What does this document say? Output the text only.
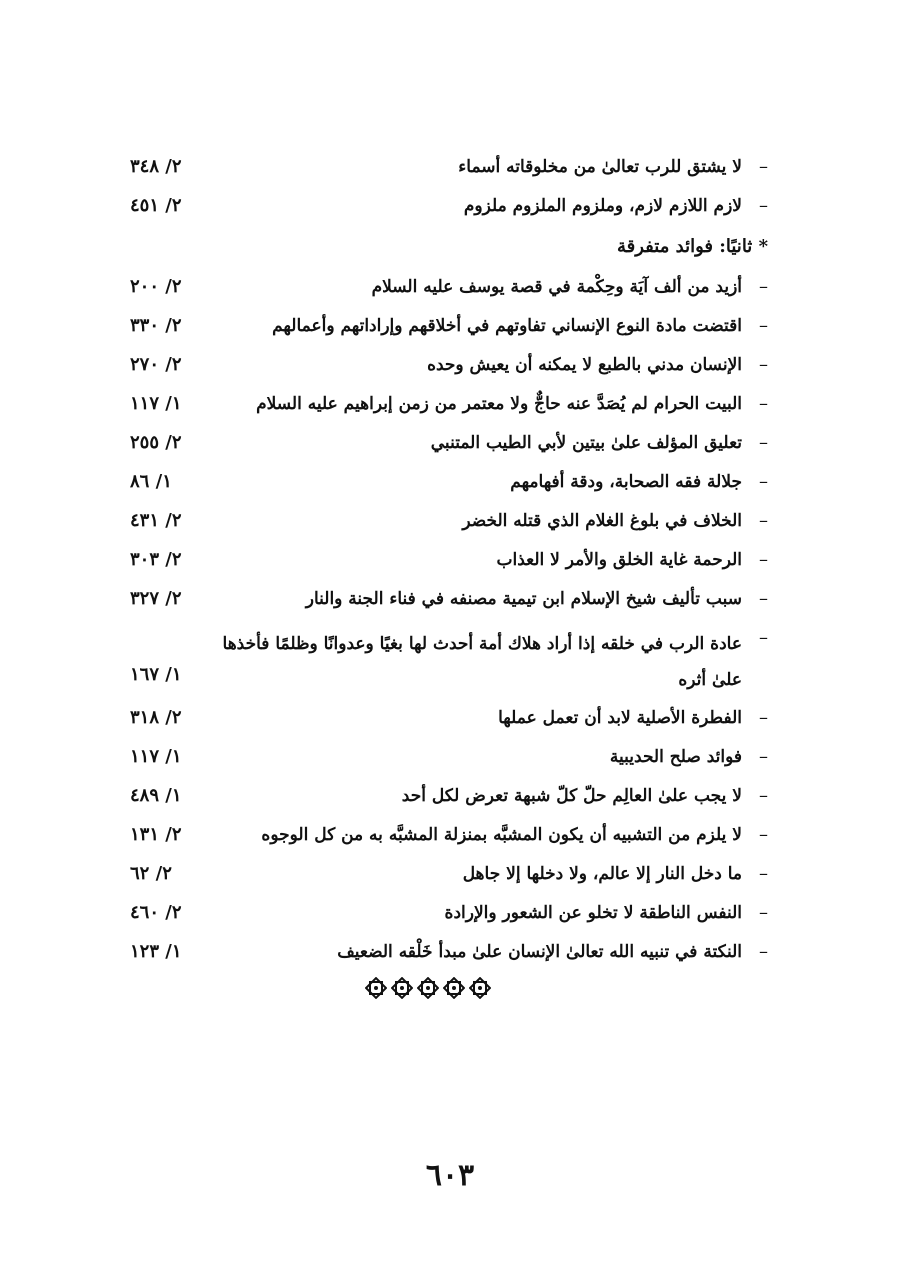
–
لا يشتق للرب تعالىٰ من مخلوقاته أسماء
٢/ ٣٤٨
–
لازم اللازم لازم، وملزوم الملزوم ملزوم
٢/ ٤٥١
* ثانيًا: فوائد متفرقة
–
أزيد من ألف آيَة وحِكْمة في قصة يوسف عليه السلام
٢/ ٢٠٠
–
اقتضت مادة النوع الإنساني تفاوتهم في أخلاقهم وإراداتهم وأعمالهم
٢/ ٣٣٠
–
الإنسان مدني بالطبع لا يمكنه أن يعيش وحده
٢/ ٢٧٠
–
البيت الحرام لم يُصَدَّ عنه حاجٌّ ولا معتمر من زمن إبراهيم عليه السلام
١/ ١١٧
–
تعليق المؤلف علىٰ بيتين لأبي الطيب المتنبي
٢/ ٢٥٥
–
جلالة فقه الصحابة، ودقة أفهامهم
١/ ٨٦
–
الخلاف في بلوغ الغلام الذي قتله الخضر
٢/ ٤٣١
–
الرحمة غاية الخلق والأمر لا العذاب
٢/ ٣٠٣
–
سبب تأليف شيخ الإسلام ابن تيمية مصنفه في فناء الجنة والنار
٢/ ٣٢٧
–
عادة الرب في خلقه إذا أراد هلاك أمة أحدث لها بغيًا وعدوانًا وظلمًا فأخذها علىٰ أثره
١/ ١٦٧
–
الفطرة الأصلية لابد أن تعمل عملها
٢/ ٣١٨
–
فوائد صلح الحديبية
١/ ١١٧
–
لا يجب علىٰ العالِم حلّ كلّ شبهة تعرض لكل أحد
١/ ٤٨٩
–
لا يلزم من التشبيه أن يكون المشبَّه بمنزلة المشبَّه به من كل الوجوه
٢/ ١٣١
–
ما دخل النار إلا عالم، ولا دخلها إلا جاهل
٢/ ٦٢
–
النفس الناطقة لا تخلو عن الشعور والإرادة
٢/ ٤٦٠
–
النكتة في تنبيه الله تعالىٰ الإنسان علىٰ مبدأ خَلْقه الضعيف
١/ ١٢٣
٦٠٣
